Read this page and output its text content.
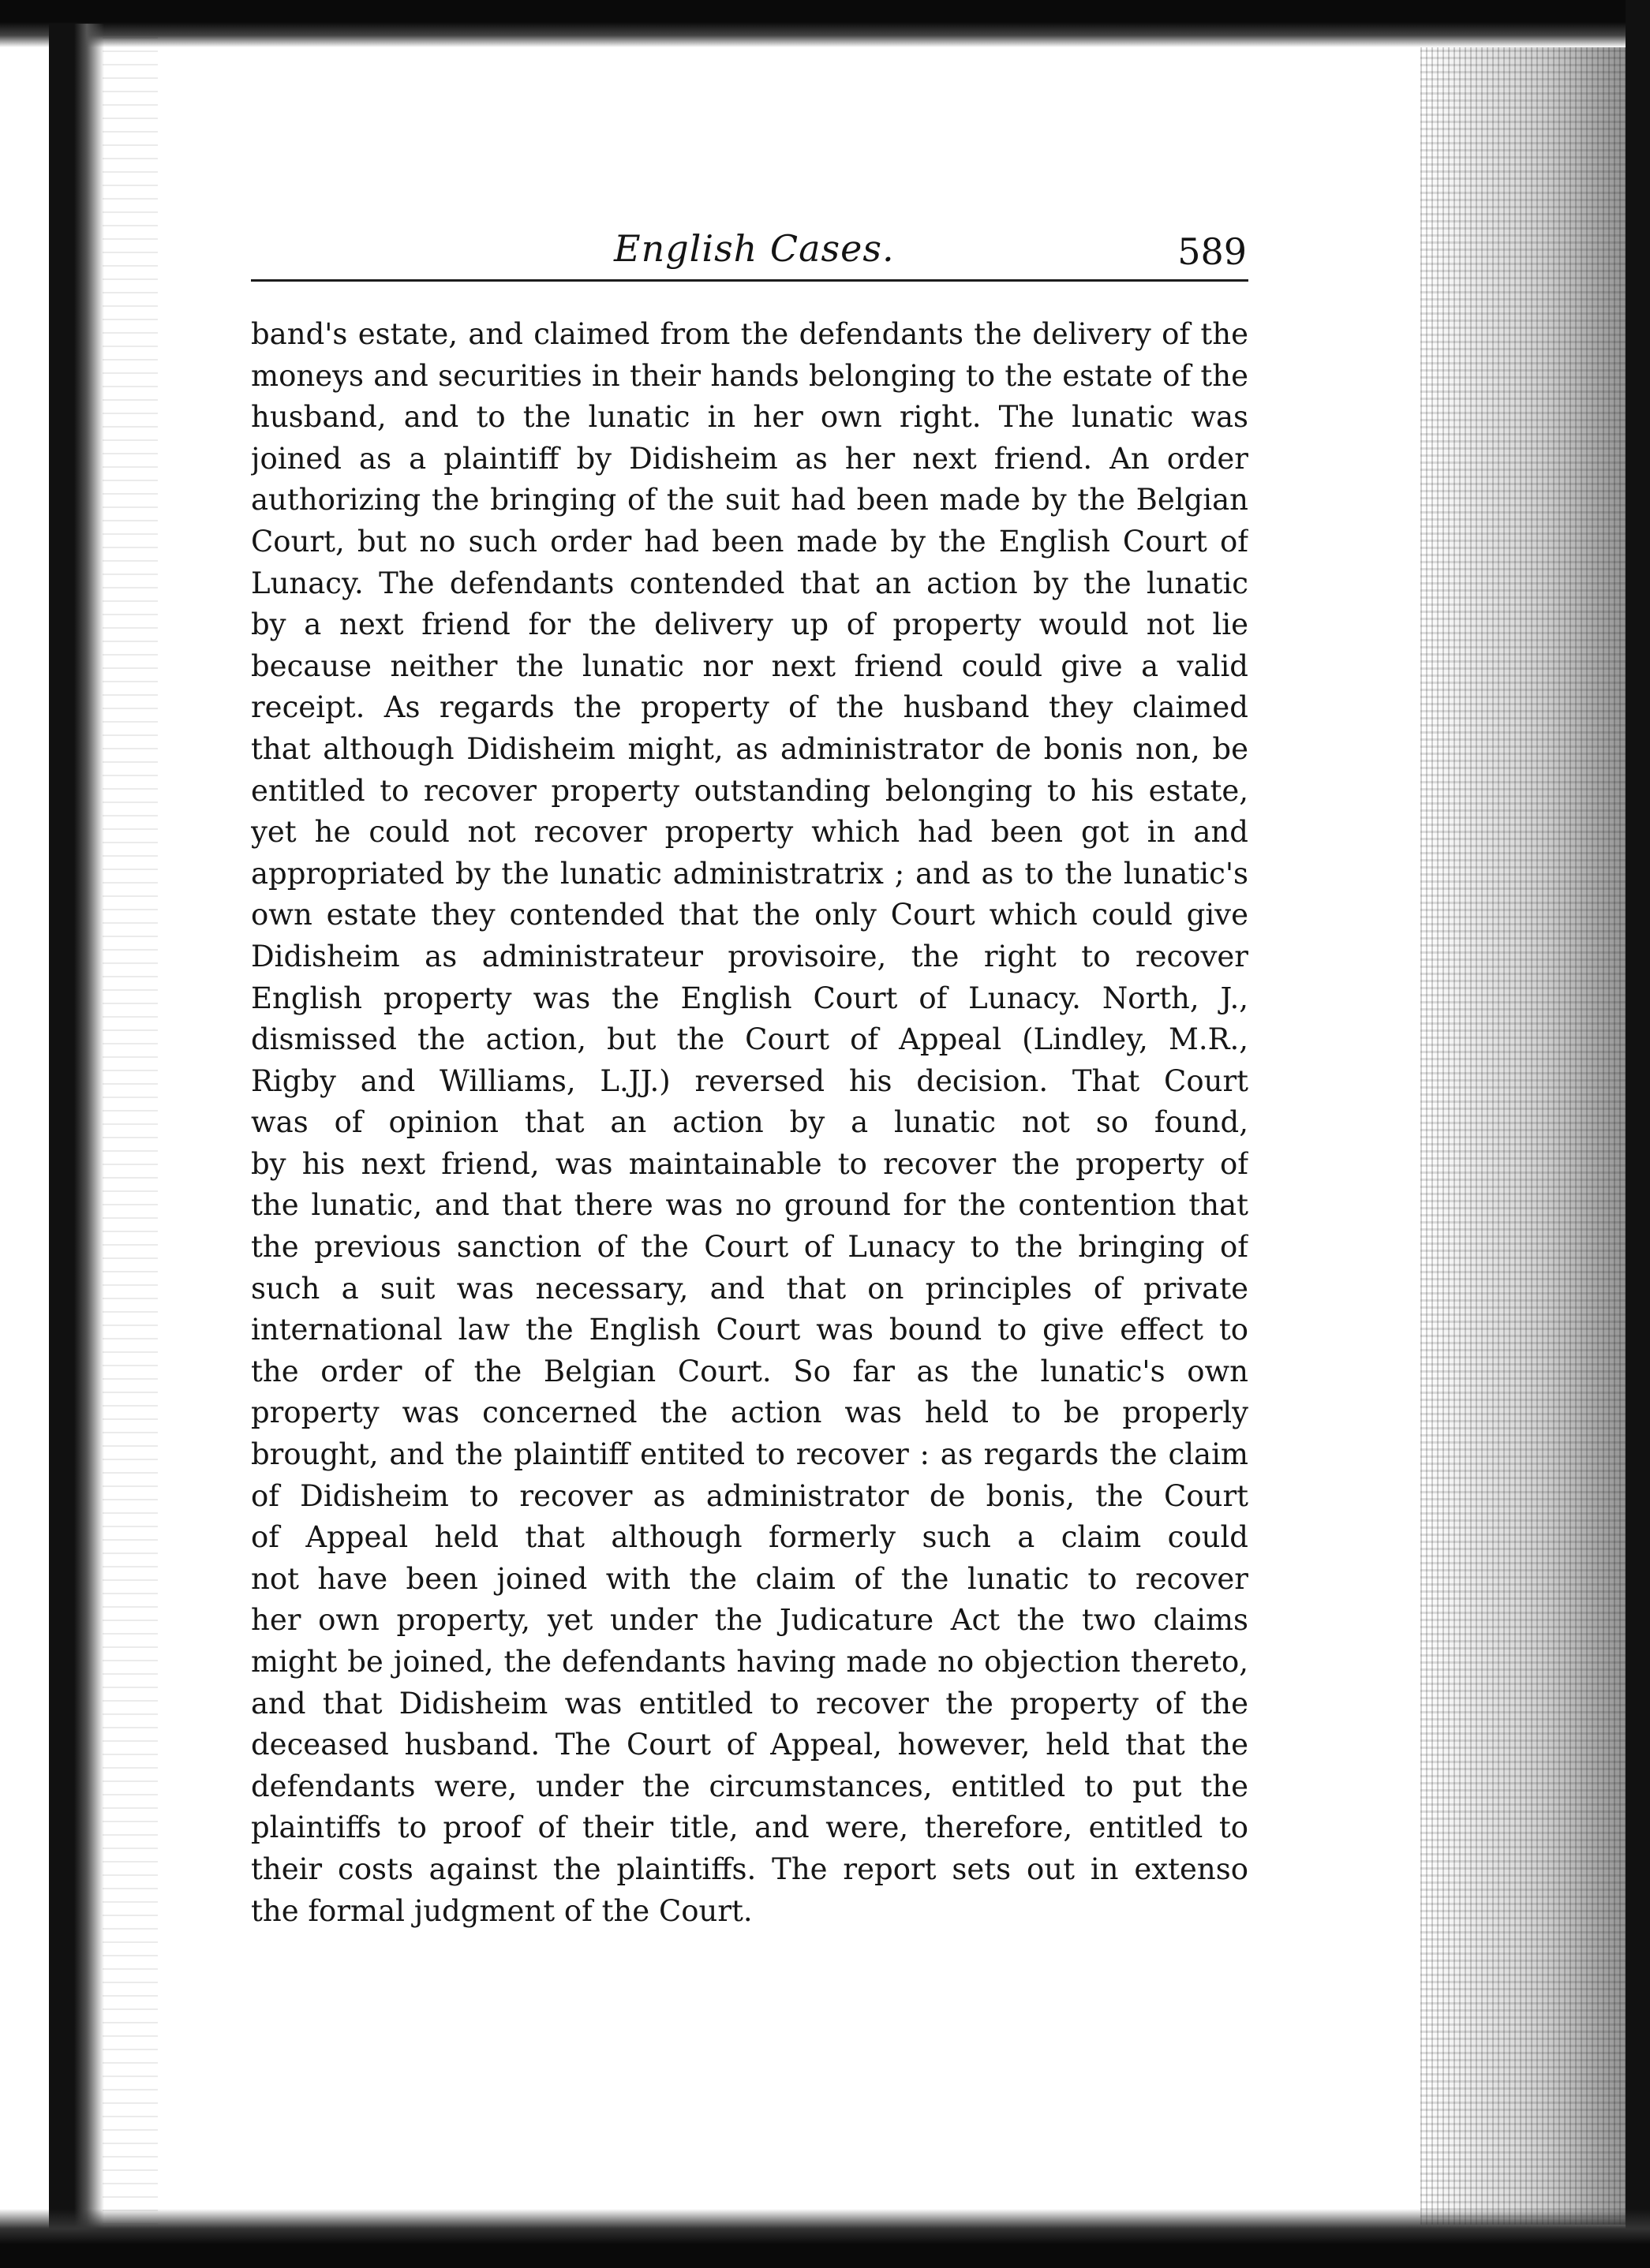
English Cases.	589
band's estate, and claimed from the defendants the delivery of the
moneys and securities in their hands belonging to the estate of the
husband, and to the lunatic in her own right. The lunatic was
joined as a plaintiff by Didisheim as her next friend. An order
authorizing the bringing of the suit had been made by the Belgian
Court, but no such order had been made by the English Court of
Lunacy. The defendants contended that an action by the lunatic
by a next friend for the delivery up of property would not lie
because neither the lunatic nor next friend could give a valid
receipt. As regards the property of the husband they claimed
that although Didisheim might, as administrator de bonis non, be
entitled to recover property outstanding belonging to his estate,
yet he could not recover property which had been got in and
appropriated by the lunatic administratrix ; and as to the lunatic's
own estate they contended that the only Court which could give
Didisheim as administrateur provisoire, the right to recover
English property was the English Court of Lunacy. North, J.,
dismissed the action, but the Court of Appeal (Lindley, M.R.,
Rigby and Williams, L.JJ.) reversed his decision. That Court
was of opinion that an action by a lunatic not so found,
by his next friend, was maintainable to recover the property of
the lunatic, and that there was no ground for the contention that
the previous sanction of the Court of Lunacy to the bringing of
such a suit was necessary, and that on principles of private
international law the English Court was bound to give effect to
the order of the Belgian Court. So far as the lunatic's own
property was concerned the action was held to be properly
brought, and the plaintiff entited to recover : as regards the claim
of Didisheim to recover as administrator de bonis, the Court
of Appeal held that although formerly such a claim could
not have been joined with the claim of the lunatic to recover
her own property, yet under the Judicature Act the two claims
might be joined, the defendants having made no objection thereto,
and that Didisheim was entitled to recover the property of the
deceased husband. The Court of Appeal, however, held that the
defendants were, under the circumstances, entitled to put the
plaintiffs to proof of their title, and were, therefore, entitled to
their costs against the plaintiffs. The report sets out in extenso
the formal judgment of the Court.
